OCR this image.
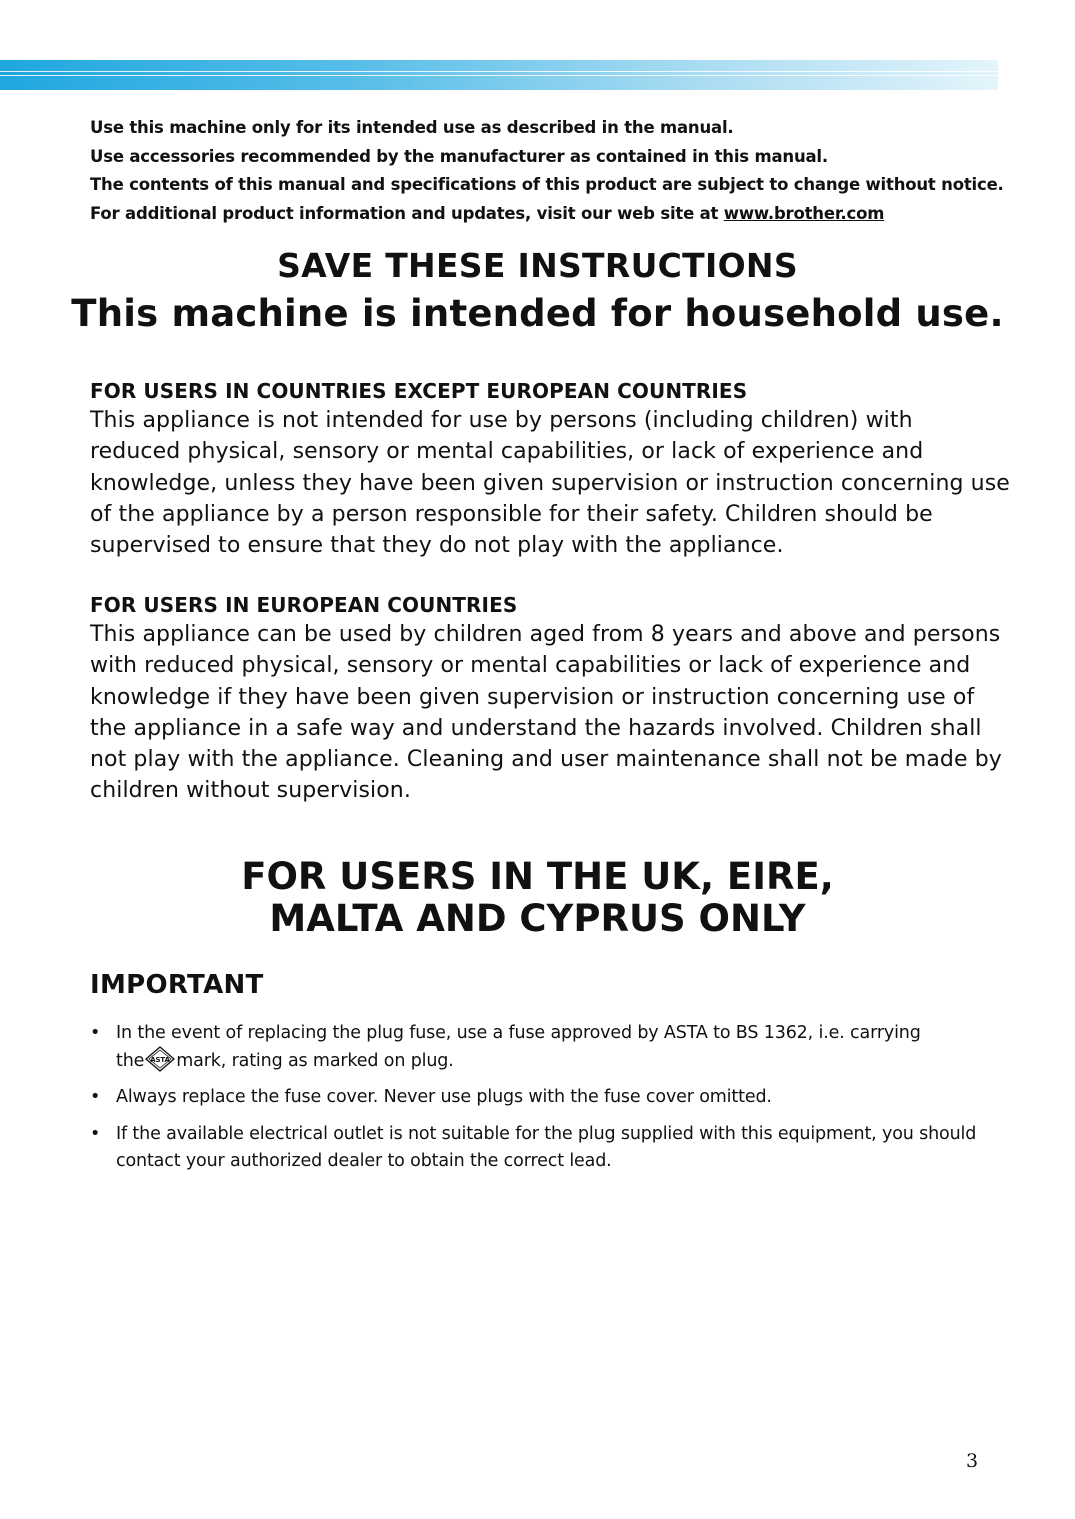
Use this machine only for its intended use as described in the manual.
Use accessories recommended by the manufacturer as contained in this manual.
The contents of this manual and specifications of this product are subject to change without notice.
For additional product information and updates, visit our web site at www.brother.com
SAVE THESE INSTRUCTIONS
This machine is intended for household use.
FOR USERS IN COUNTRIES EXCEPT EUROPEAN COUNTRIES

This appliance is not intended for use by persons (including children) with reduced physical, sensory or mental capabilities, or lack of experience and knowledge, unless they have been given supervision or instruction concerning use of the appliance by a person responsible for their safety. Children should be supervised to ensure that they do not play with the appliance.

FOR USERS IN EUROPEAN COUNTRIES

This appliance can be used by children aged from 8 years and above and persons with reduced physical, sensory or mental capabilities or lack of experience and knowledge if they have been given supervision or instruction concerning use of the appliance in a safe way and understand the hazards involved. Children shall not play with the appliance. Cleaning and user maintenance shall not be made by children without supervision.

FOR USERS IN THE UK, EIRE,
MALTA AND CYPRUS ONLY
IMPORTANT
• In the event of replacing the plug fuse, use a fuse approved by ASTA to BS 1362, i.e. carrying
the ASTA mark, rating as marked on plug.
• Always replace the fuse cover. Never use plugs with the fuse cover omitted.
• If the available electrical outlet is not suitable for the plug supplied with this equipment, you should contact your authorized dealer to obtain the correct lead.
3
